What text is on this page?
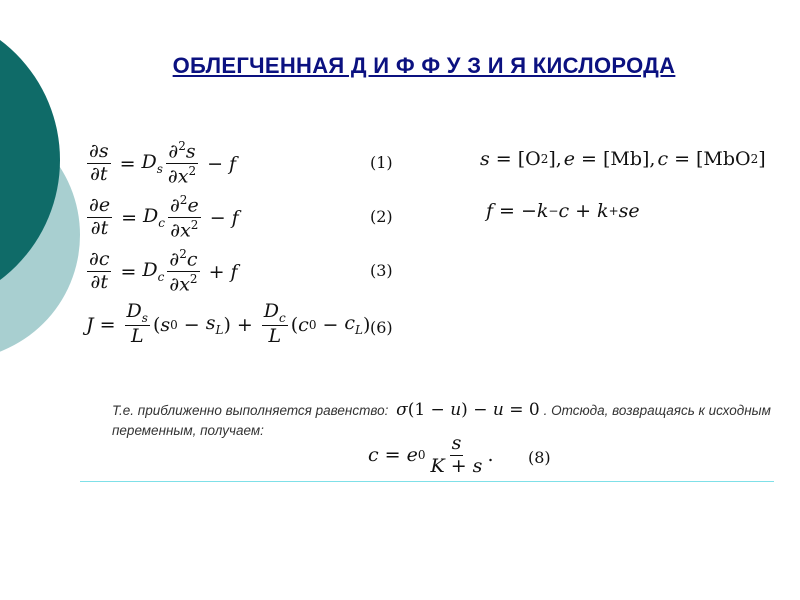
ОБЛЕГЧЕННАЯ Д И Ф Ф У З И Я КИСЛОРОДА
$\frac{\partial s}{\partial t} = D_s \frac{\partial^2s}{\partial x^2} - f$	(1)	s = [O 2 ], e = [Mb], c = [MbO 2 ]
$\frac{\partial e}{\partial t} = D_c \frac{\partial^2e}{\partial x^2} - f$	(2)	f = − k − c + k + se
$\frac{\partial c}{\partial t} = D_c \frac{\partial^2c}{\partial x^2} + f$	(3)
$J = \frac{D_s}{L}$ ( s $0 - s_L$ ) + $\frac{D_c}{L}$ ( c $0 - c_L$ ) (6)
Т.е. приближенно выполняется равенство: σ(1 − u) − u = 0 . Отсюда, возвращаясь к исходным переменным, получаем:
c = e $0 \frac{s}{K + s}$ . (8)
